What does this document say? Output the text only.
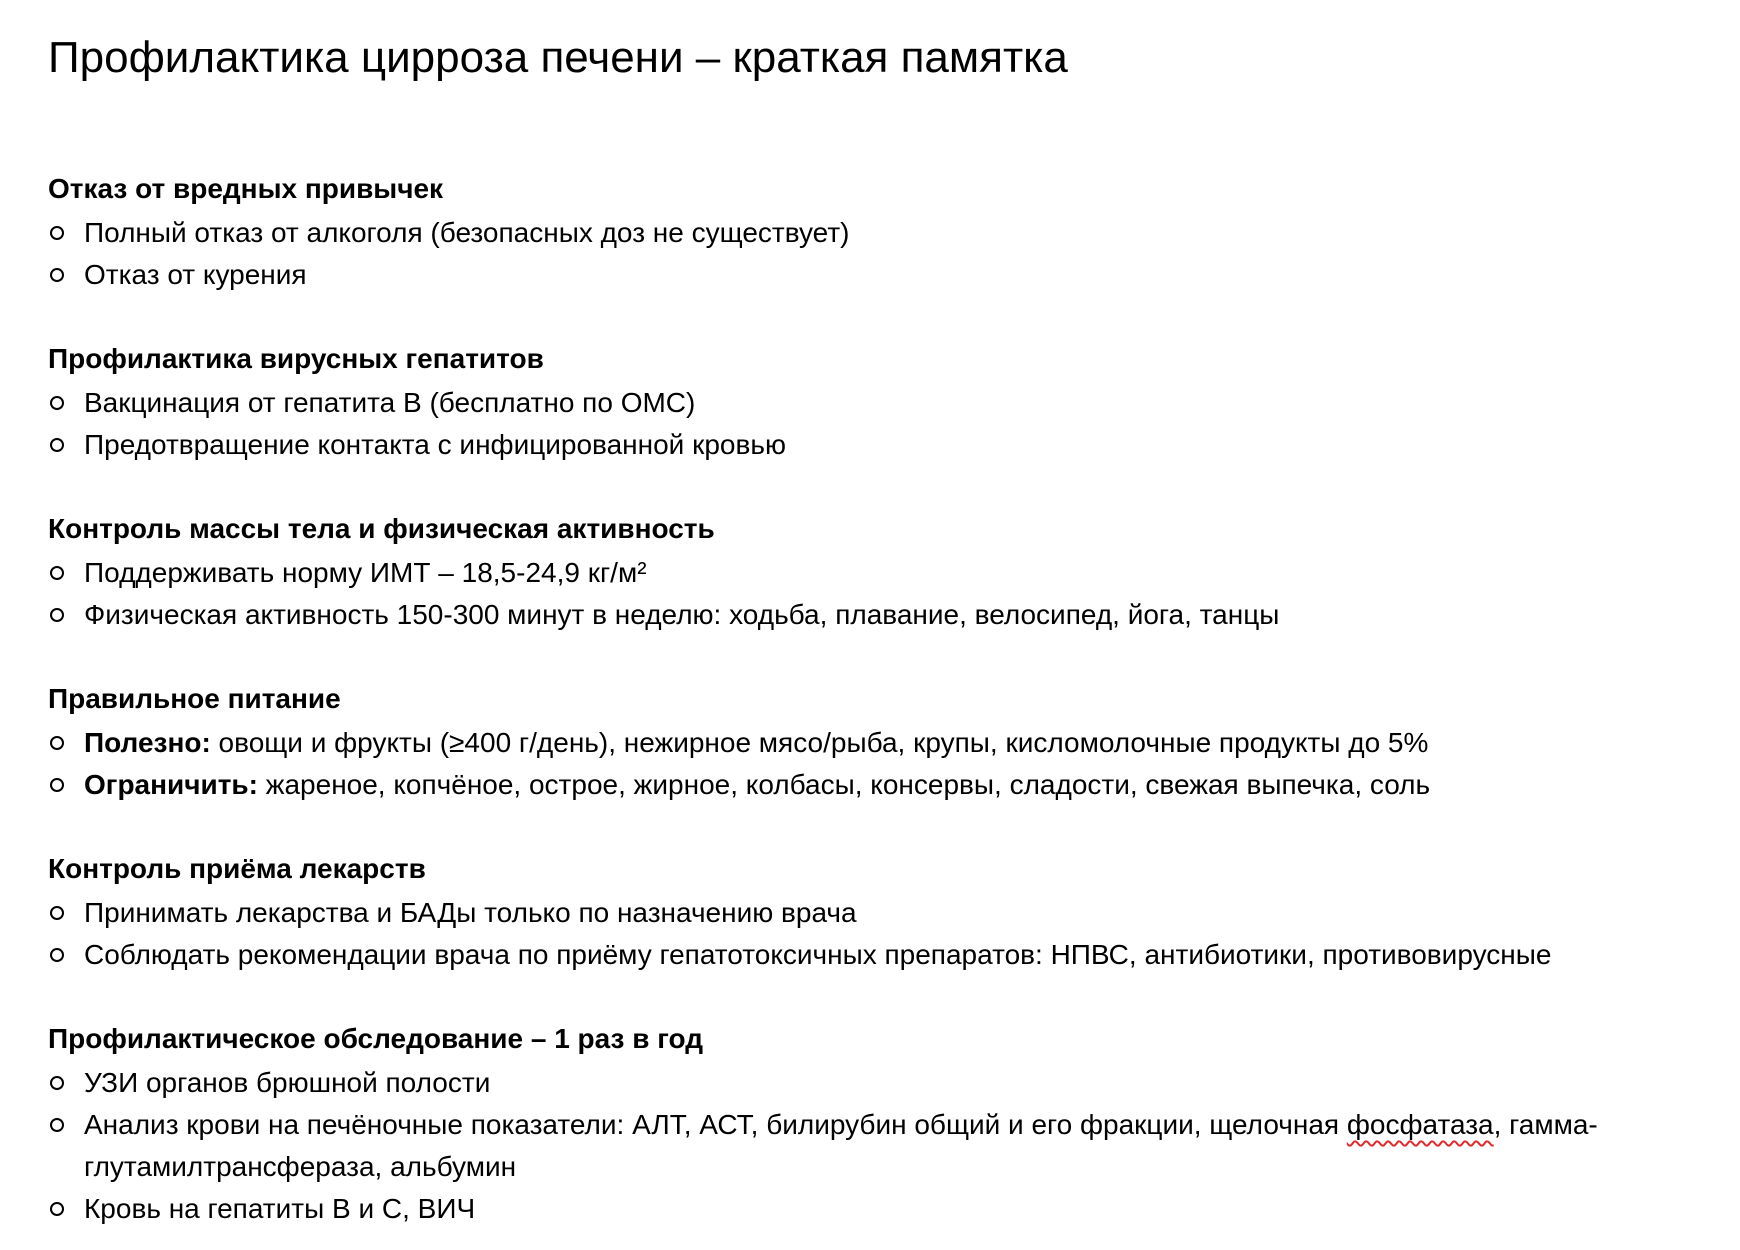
Профилактика цирроза печени – краткая памятка
Отказ от вредных привычек
Полный отказ от алкоголя (безопасных доз не существует)
Отказ от курения
Профилактика вирусных гепатитов
Вакцинация от гепатита В (бесплатно по ОМС)
Предотвращение контакта с инфицированной кровью
Контроль массы тела и физическая активность
Поддерживать норму ИМТ – 18,5-24,9 кг/м²
Физическая активность 150-300 минут в неделю: ходьба, плавание, велосипед, йога, танцы
Правильное питание
Полезно: овощи и фрукты (≥400 г/день), нежирное мясо/рыба, крупы, кисломолочные продукты до 5%
Ограничить: жареное, копчёное, острое, жирное, колбасы, консервы, сладости, свежая выпечка, соль
Контроль приёма лекарств
Принимать лекарства и БАДы только по назначению врача
Соблюдать рекомендации врача по приёму гепатотоксичных препаратов: НПВС, антибиотики, противовирусные
Профилактическое обследование – 1 раз в год
УЗИ органов брюшной полости
Анализ крови на печёночные показатели: АЛТ, АСТ, билирубин общий и его фракции, щелочная фосфатаза, гамма-глутамилтрансфераза, альбумин
Кровь на гепатиты В и С, ВИЧ
